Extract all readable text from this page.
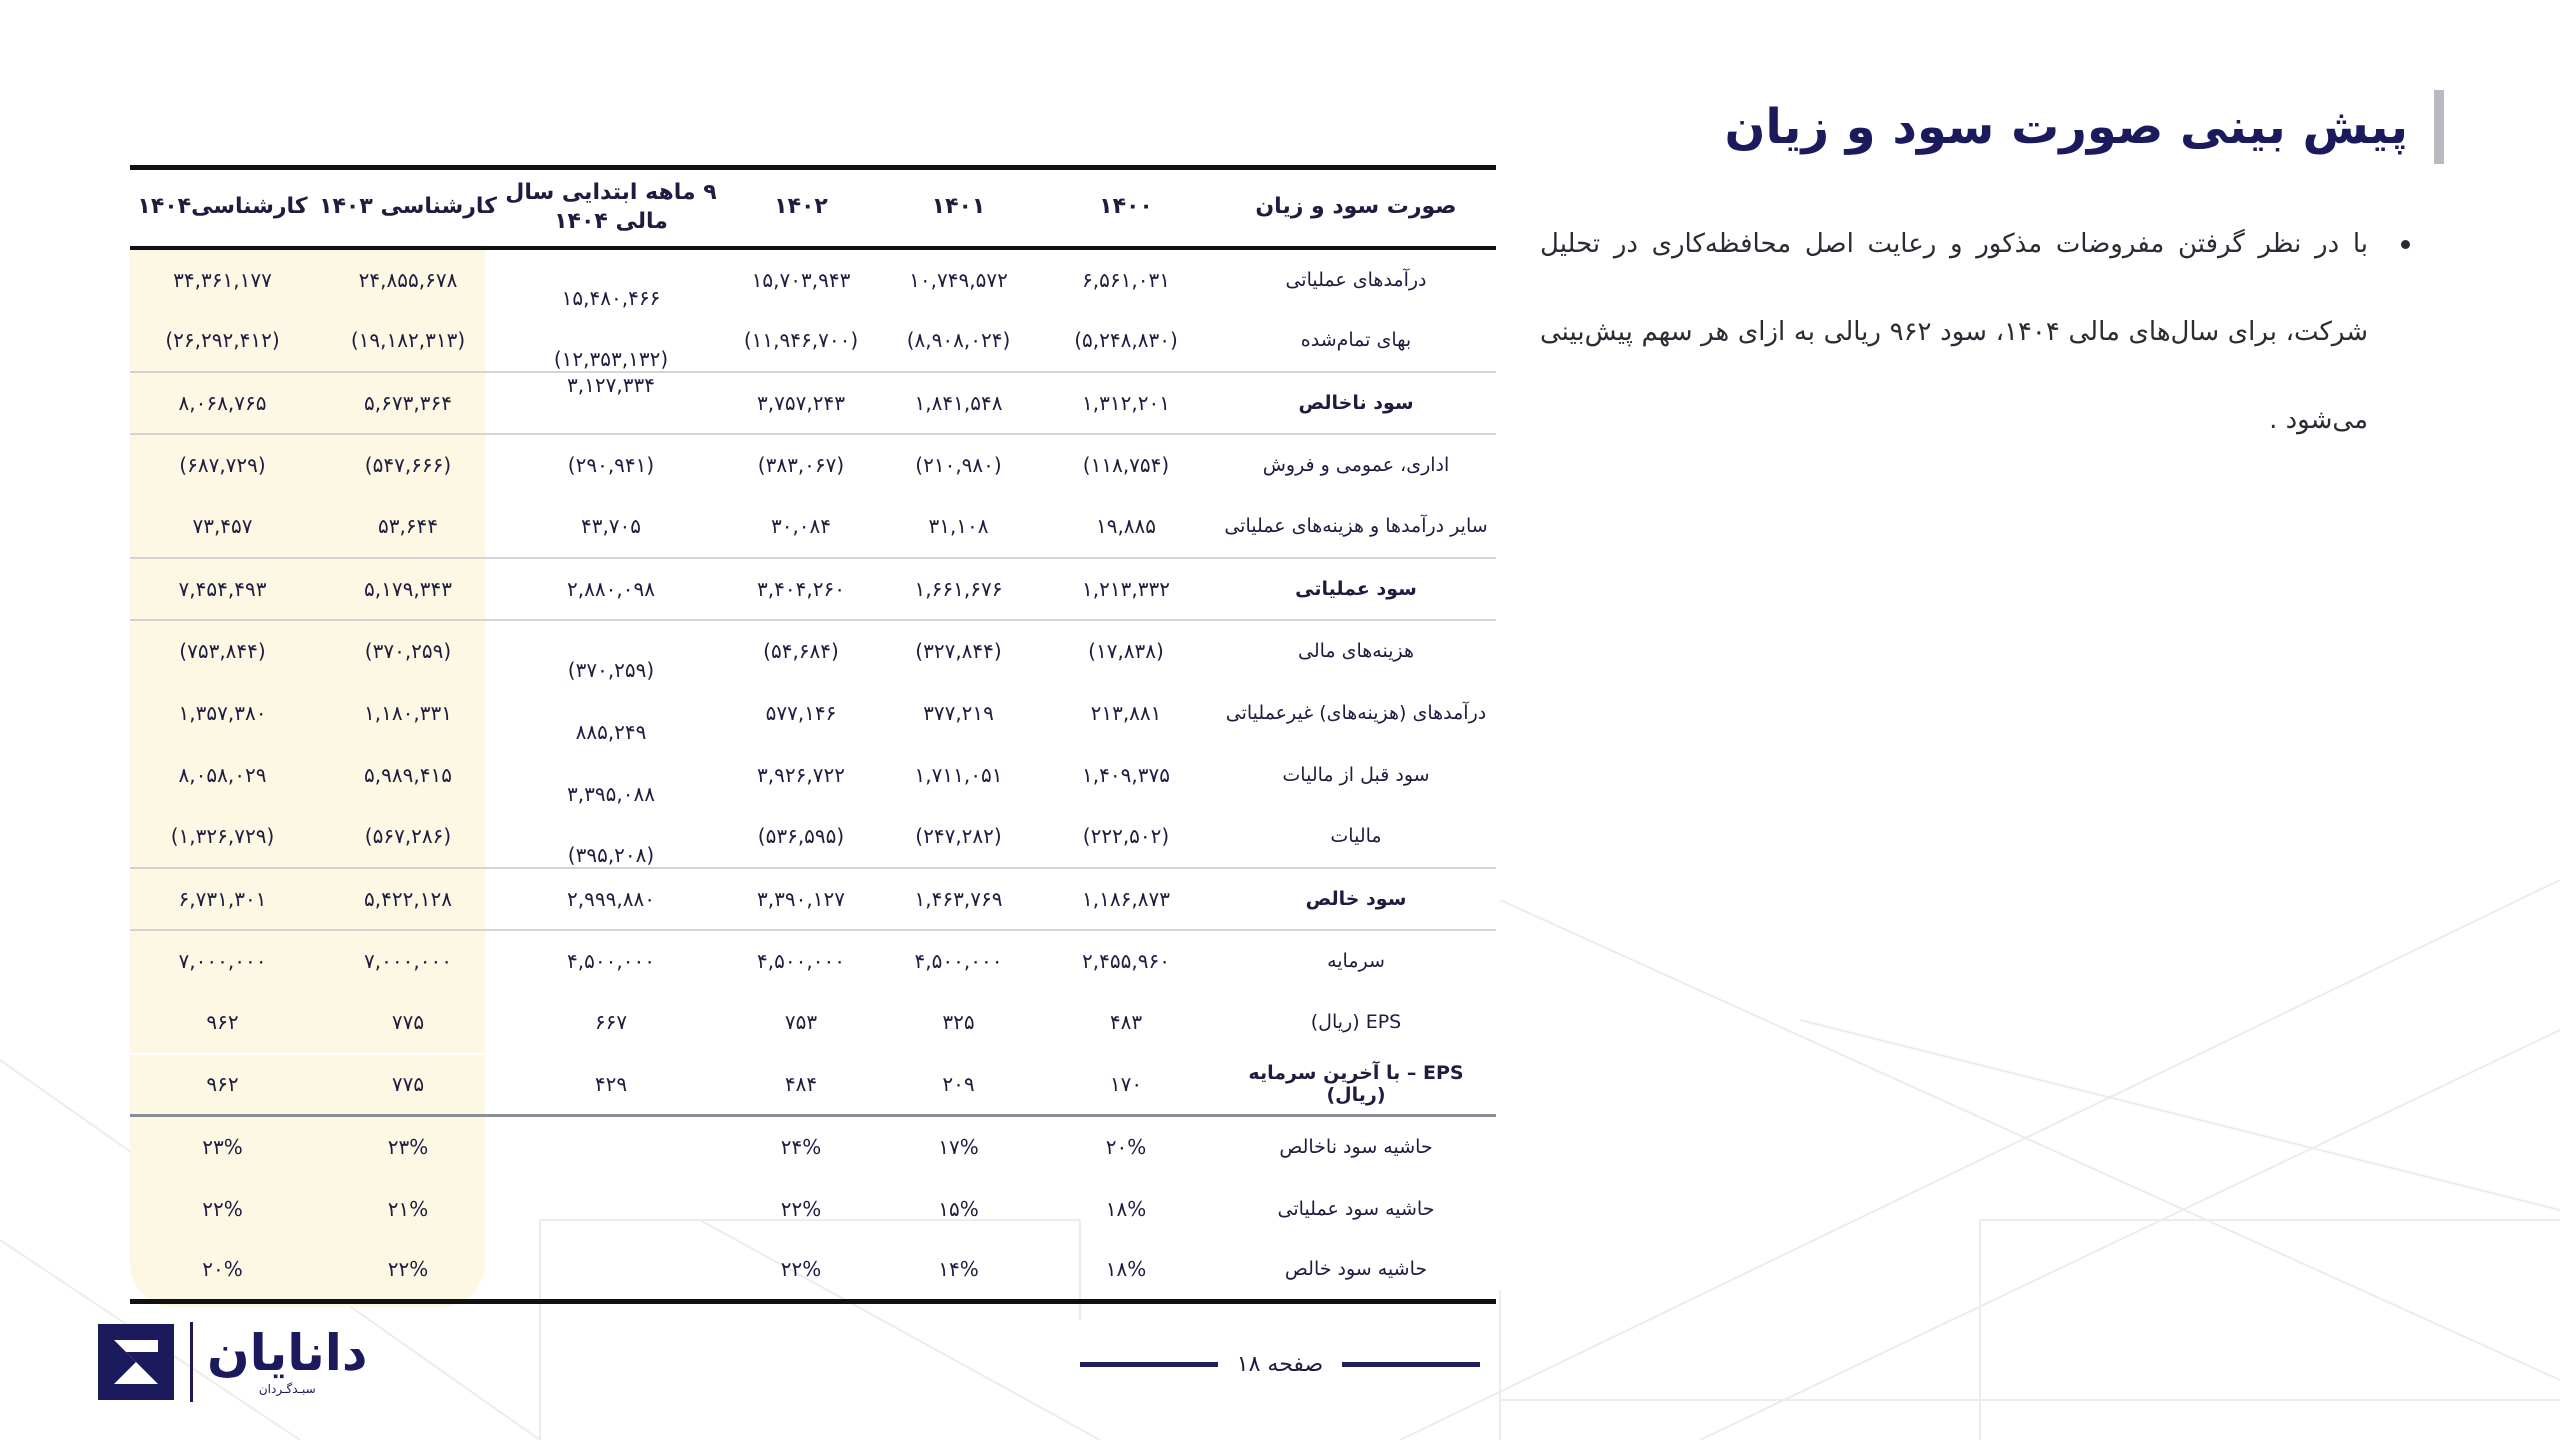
پیش بینی صورت سود و زیان

با در نظر گرفتن مفروضات مذکور و رعایت اصل محافظه‌کاری در تحلیل شرکت، برای سال‌های مالی ۱۴۰۴، سود ۹۶۲ ریالی به ازای هر سهم پیش‌بینی می‌شود .

صورت سود و زیان	۱۴۰۰	۱۴۰۱	۱۴۰۲	۹ ماهه ابتدایی سال مالی ۱۴۰۴	کارشناسی ۱۴۰۳	کارشناسی۱۴۰۴
درآمدهای عملیاتی	۶,۵۶۱,۰۳۱	۱۰,۷۴۹,۵۷۲	۱۵,۷۰۳,۹۴۳	۱۵,۴۸۰,۴۶۶	۲۴,۸۵۵,۶۷۸	۳۴,۳۶۱,۱۷۷
بهای تمام‌شده	(۵,۲۴۸,۸۳۰)	(۸,۹۰۸,۰۲۴)	(۱۱,۹۴۶,۷۰۰)	(۱۲,۳۵۳,۱۳۲)	(۱۹,۱۸۲,۳۱۳)	(۲۶,۲۹۲,۴۱۲)
سود ناخالص	۱,۳۱۲,۲۰۱	۱,۸۴۱,۵۴۸	۳,۷۵۷,۲۴۳	۳,۱۲۷,۳۳۴	۵,۶۷۳,۳۶۴	۸,۰۶۸,۷۶۵
اداری، عمومی و فروش	(۱۱۸,۷۵۴)	(۲۱۰,۹۸۰)	(۳۸۳,۰۶۷)	(۲۹۰,۹۴۱)	(۵۴۷,۶۶۶)	(۶۸۷,۷۲۹)
سایر درآمدها و هزینه‌های عملیاتی	۱۹,۸۸۵	۳۱,۱۰۸	۳۰,۰۸۴	۴۳,۷۰۵	۵۳,۶۴۴	۷۳,۴۵۷
سود عملیاتی	۱,۲۱۳,۳۳۲	۱,۶۶۱,۶۷۶	۳,۴۰۴,۲۶۰	۲,۸۸۰,۰۹۸	۵,۱۷۹,۳۴۳	۷,۴۵۴,۴۹۳
هزینه‌های مالی	(۱۷,۸۳۸)	(۳۲۷,۸۴۴)	(۵۴,۶۸۴)	(۳۷۰,۲۵۹)	(۳۷۰,۲۵۹)	(۷۵۳,۸۴۴)
درآمدهای (هزینه‌های) غیرعملیاتی	۲۱۳,۸۸۱	۳۷۷,۲۱۹	۵۷۷,۱۴۶	۸۸۵,۲۴۹	۱,۱۸۰,۳۳۱	۱,۳۵۷,۳۸۰
سود قبل از مالیات	۱,۴۰۹,۳۷۵	۱,۷۱۱,۰۵۱	۳,۹۲۶,۷۲۲	۳,۳۹۵,۰۸۸	۵,۹۸۹,۴۱۵	۸,۰۵۸,۰۲۹
مالیات	(۲۲۲,۵۰۲)	(۲۴۷,۲۸۲)	(۵۳۶,۵۹۵)	(۳۹۵,۲۰۸)	(۵۶۷,۲۸۶)	(۱,۳۲۶,۷۲۹)
سود خالص	۱,۱۸۶,۸۷۳	۱,۴۶۳,۷۶۹	۳,۳۹۰,۱۲۷	۲,۹۹۹,۸۸۰	۵,۴۲۲,۱۲۸	۶,۷۳۱,۳۰۱
سرمایه	۲,۴۵۵,۹۶۰	۴,۵۰۰,۰۰۰	۴,۵۰۰,۰۰۰	۴,۵۰۰,۰۰۰	۷,۰۰۰,۰۰۰	۷,۰۰۰,۰۰۰
EPS (ریال)	۴۸۳	۳۲۵	۷۵۳	۶۶۷	۷۷۵	۹۶۲
EPS – با آخرین سرمایه (ریال)	۱۷۰	۲۰۹	۴۸۴	۴۲۹	۷۷۵	۹۶۲
حاشیه سود ناخالص	۲۰%	۱۷%	۲۴%		۲۳%	۲۳%
حاشیه سود عملیاتی	۱۸%	۱۵%	۲۲%		۲۱%	۲۲%
حاشیه سود خالص	۱۸%	۱۴%	۲۲%		۲۲%	۲۰%
صفحه ۱۸
دانایان
سبـدگـردان
